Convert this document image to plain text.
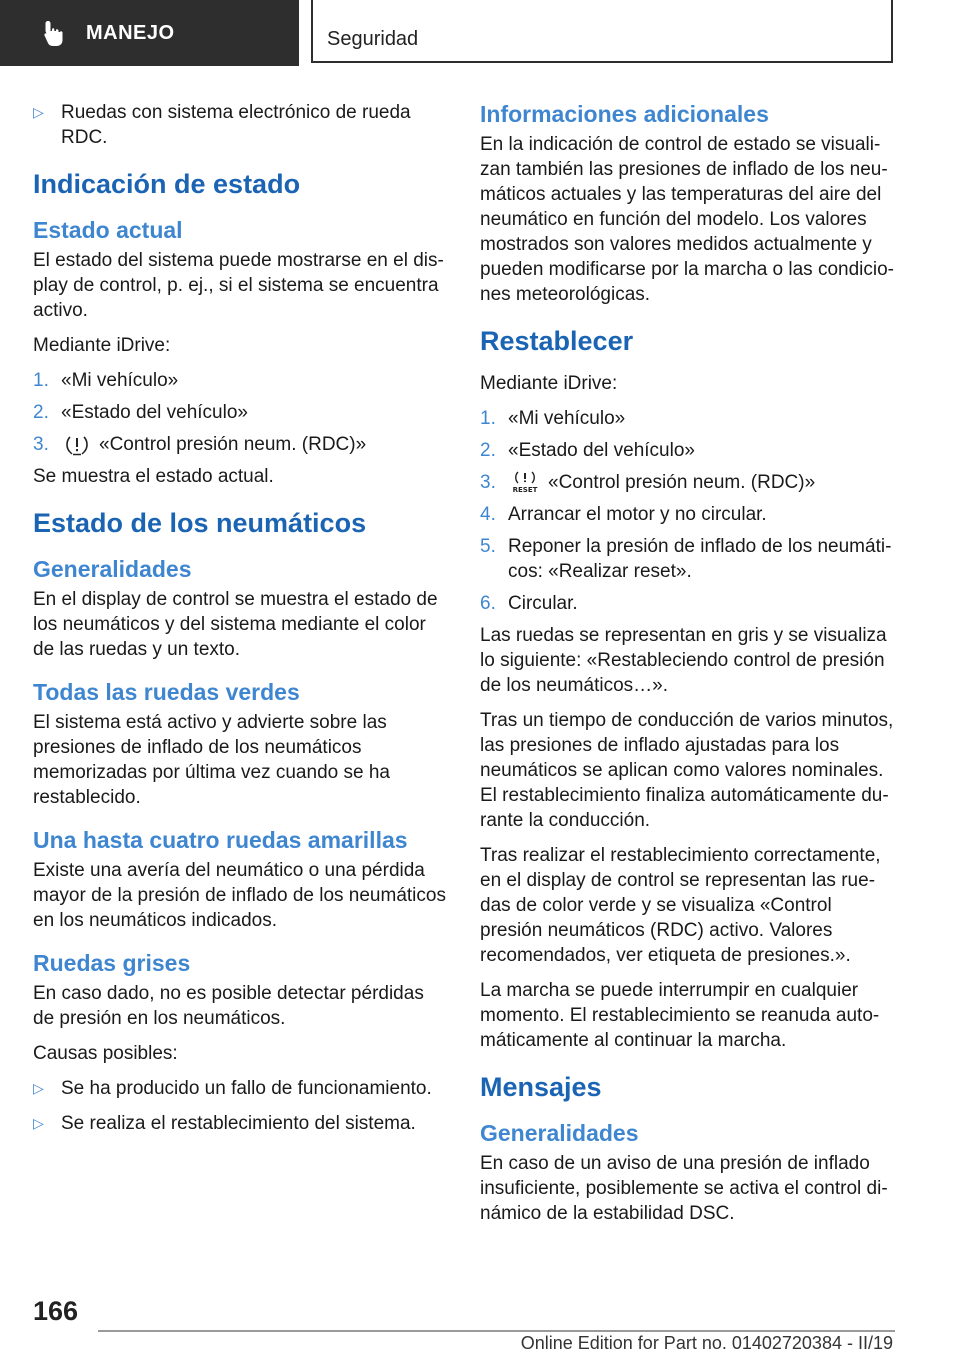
MANEJO	Seguridad
▷ Ruedas con sistema electrónico de rueda RDC.
Indicación de estado
Estado actual

El estado del sistema puede mostrarse en el display de control, p. ej., si el sistema se encuentra activo.

Mediante iDrive:

1. «Mi vehículo»
2. «Estado del vehículo»
3.	«Control presión neum. (RDC)»

Se muestra el estado actual.

Estado de los neumáticos
Generalidades

En el display de control se muestra el estado de los neumáticos y del sistema mediante el color de las ruedas y un texto.

Todas las ruedas verdes

El sistema está activo y advierte sobre las presiones de inflado de los neumáticos memorizadas por última vez cuando se ha restablecido.

Una hasta cuatro ruedas amarillas

Existe una avería del neumático o una pérdida mayor de la presión de inflado de los neumáticos en los neumáticos indicados.

Ruedas grises

En caso dado, no es posible detectar pérdidas de presión en los neumáticos.

Causas posibles:

▷ Se ha producido un fallo de funcionamiento.
▷ Se realiza el restablecimiento del sistema.
Informaciones adicionales

En la indicación de control de estado se visualizan también las presiones de inflado de los neumáticos actuales y las temperaturas del aire del neumático en función del modelo. Los valores mostrados son valores medidos actualmente y pueden modificarse por la marcha o las condiciones meteorológicas.

Restablecer

Mediante iDrive:

1. «Mi vehículo»
2. «Estado del vehículo»
3.	RESET «Control presión neum. (RDC)»
4. Arrancar el motor y no circular.
5. Reponer la presión de inflado de los neumáticos: «Realizar reset».
6. Circular.

Las ruedas se representan en gris y se visualiza lo siguiente: «Restableciendo control de presión de los neumáticos…».

Tras un tiempo de conducción de varios minutos, las presiones de inflado ajustadas para los neumáticos se aplican como valores nominales. El restablecimiento finaliza automáticamente durante la conducción.

Tras realizar el restablecimiento correctamente, en el display de control se representan las ruedas de color verde y se visualiza «Control presión neumáticos (RDC) activo. Valores recomendados, ver etiqueta de presiones.».

La marcha se puede interrumpir en cualquier momento. El restablecimiento se reanuda automáticamente al continuar la marcha.

Mensajes
Generalidades

En caso de un aviso de una presión de inflado insuficiente, posiblemente se activa el control dinámico de la estabilidad DSC.

166
Online Edition for Part no. 01402720384 - II/19
